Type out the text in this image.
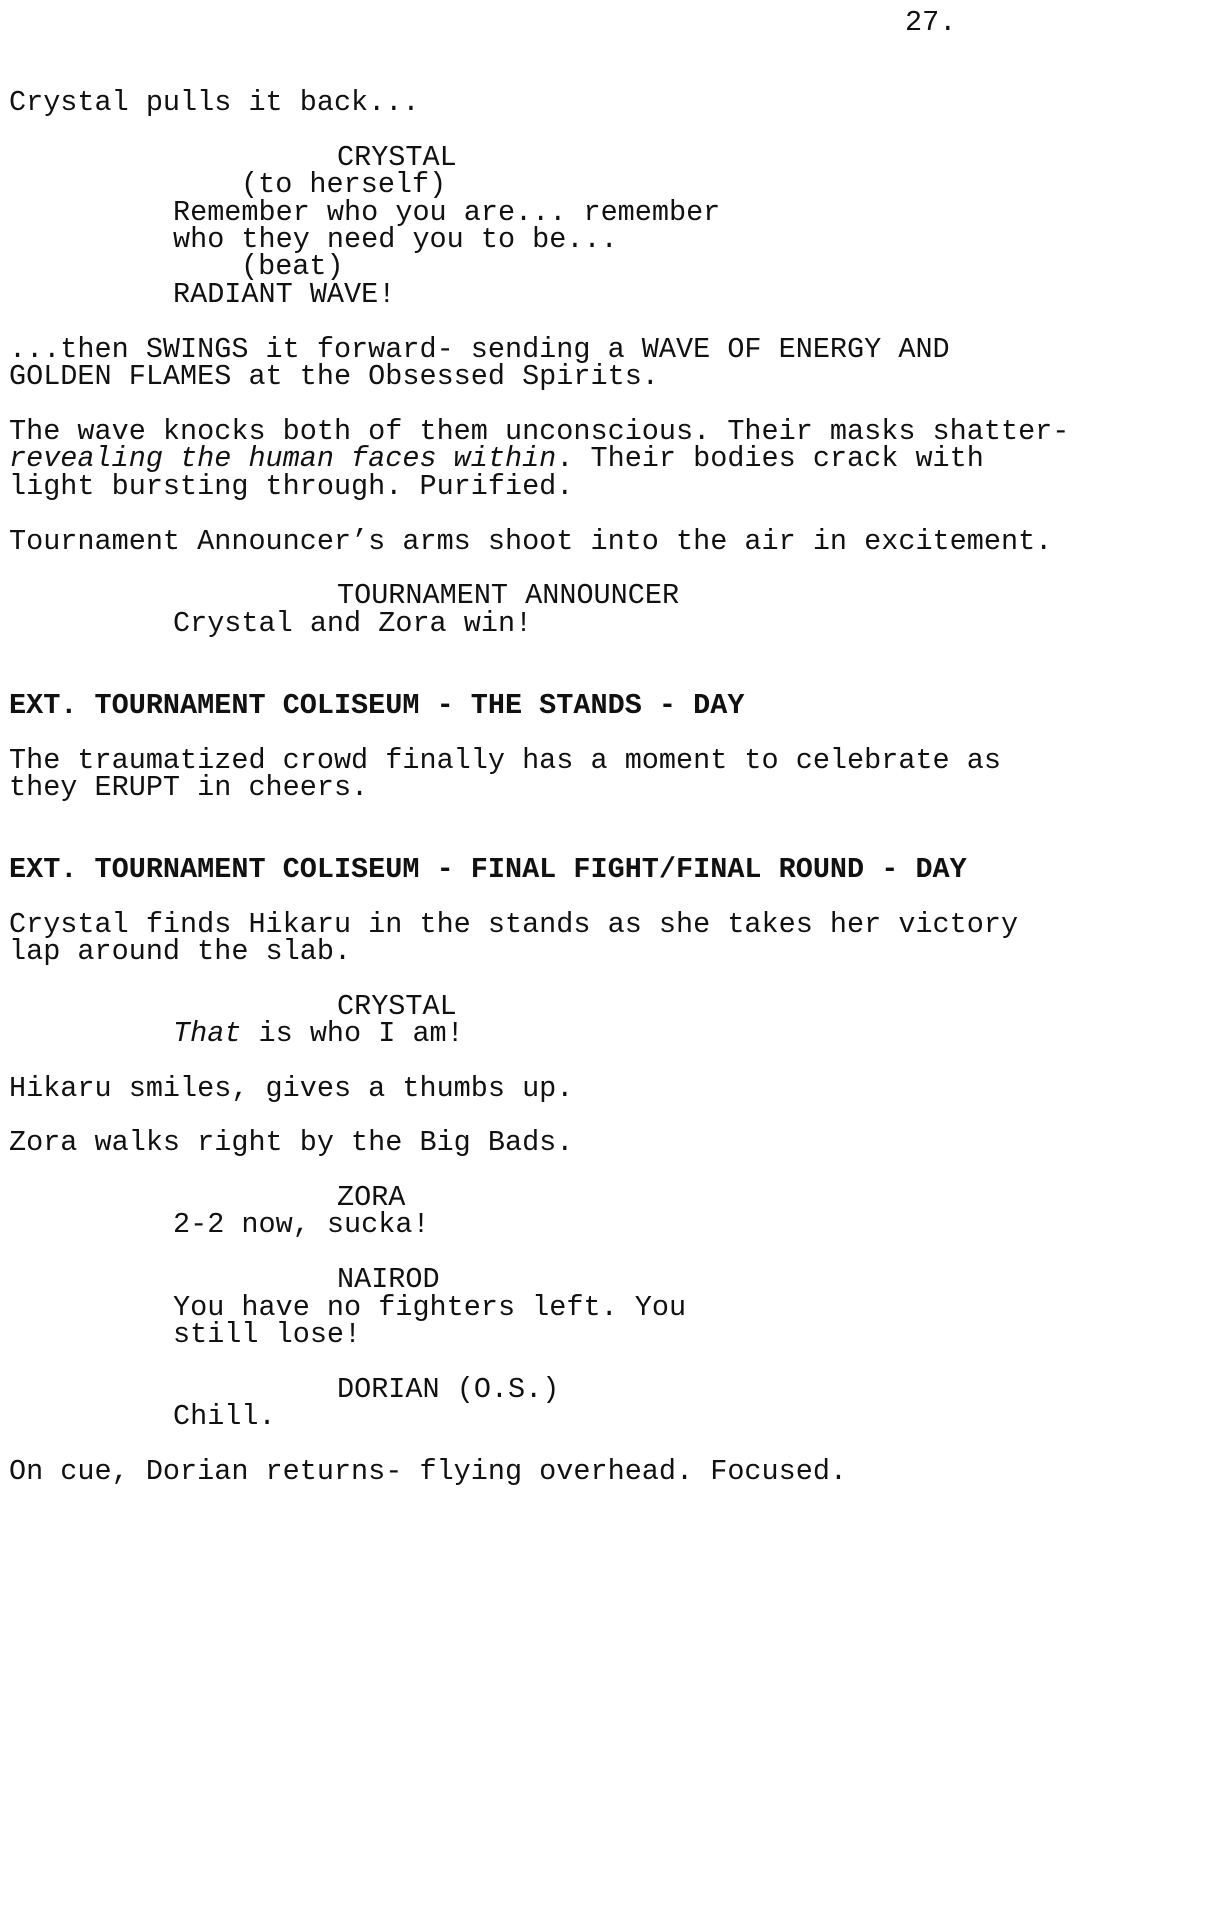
27.
Crystal pulls it back...
CRYSTAL
(to herself)
Remember who you are... remember
who they need you to be...
(beat)
RADIANT WAVE!
...then SWINGS it forward- sending a WAVE OF ENERGY AND
GOLDEN FLAMES at the Obsessed Spirits.
The wave knocks both of them unconscious. Their masks shatter-
revealing the human faces within. Their bodies crack with
light bursting through. Purified.
Tournament Announcer’s arms shoot into the air in excitement.
TOURNAMENT ANNOUNCER
Crystal and Zora win!
EXT. TOURNAMENT COLISEUM - THE STANDS - DAY
The traumatized crowd finally has a moment to celebrate as
they ERUPT in cheers.
EXT. TOURNAMENT COLISEUM - FINAL FIGHT/FINAL ROUND - DAY
Crystal finds Hikaru in the stands as she takes her victory
lap around the slab.
CRYSTAL
That is who I am!
Hikaru smiles, gives a thumbs up.
Zora walks right by the Big Bads.
ZORA
2-2 now, sucka!
NAIROD
You have no fighters left. You
still lose!
DORIAN (O.S.)
Chill.
On cue, Dorian returns- flying overhead. Focused.
